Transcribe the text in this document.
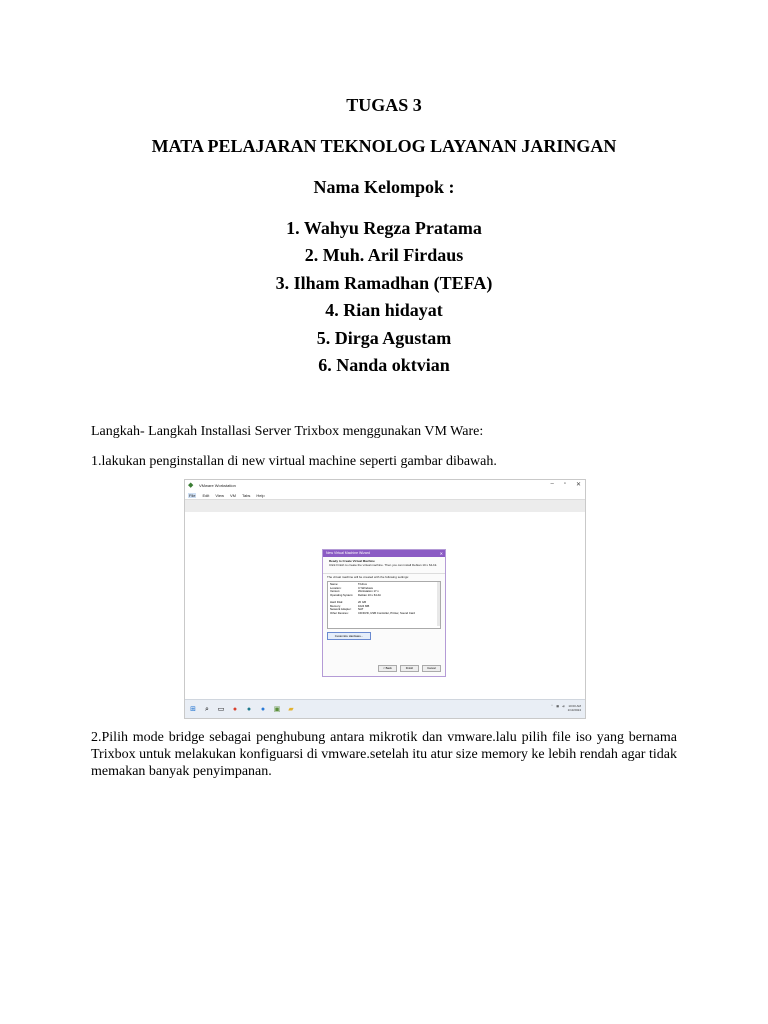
TUGAS 3
MATA PELAJARAN TEKNOLOG LAYANAN JARINGAN
Nama Kelompok :
1. Wahyu Regza Pratama
2. Muh. Aril Firdaus
3. Ilham Ramadhan (TEFA)
4. Rian hidayat
5. Dirga Agustam
6. Nanda oktvian

Langkah- Langkah Installasi Server Trixbox menggunakan VM Ware:

1.lakukan penginstallan di new virtual machine seperti gambar dibawah.

◆	VMware Workstation	– ▫ ✕
File Edit View VM Tabs Help
New Virtual Machine Wizard	✕
Ready to Create Virtual Machine
Click Finish to create the virtual machine. Then you can install Debian 10.x 64-bit.
The virtual machine will be created with the following settings:
Name:	Trixbox
Location:	C:\Windows
Version:	Workstation 17.x
Operating System:	Debian 10.x 64-bit
Hard Disk:	20 GB
Memory:	1024 MB
Network Adapter:	NAT
Other Devices:	CD/DVD, USB Controller, Printer, Sound Card
Customize Hardware...
< Back	Finish	Cancel
⊞ ⌕ ▭ ● ● ● ▣ ▰	⌃ ▦ ◂) 10:00 AM
1/13/2024

2.Pilih mode bridge sebagai penghubung antara mikrotik dan vmware.lalu pilih file iso yang bernama Trixbox untuk melakukan konfiguarsi di vmware.setelah itu atur size memory ke lebih rendah agar tidak memakan banyak penyimpanan.
